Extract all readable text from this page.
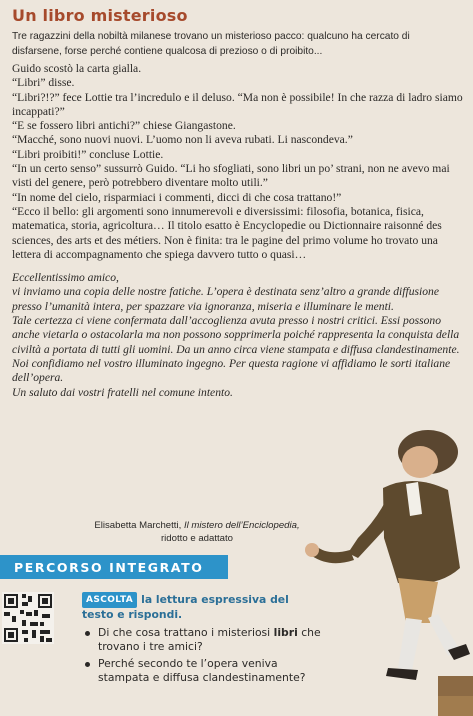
Un libro misterioso
Tre ragazzini della nobiltà milanese trovano un misterioso pacco: qualcuno ha cercato di disfarsene, forse perché contiene qualcosa di prezioso o di proibito...

Guido scostò la carta gialla.

“Libri” disse.

“Libri?!?” fece Lottie tra l’incredulo e il deluso. “Ma non è possibile! In che razza di ladro siamo incappati?”

“E se fossero libri antichi?” chiese Giangastone.

“Macché, sono nuovi nuovi. L’uomo non li aveva rubati. Li nascondeva.”

“Libri proibiti!” concluse Lottie.

“In un certo senso” sussurrò Guido. “Li ho sfogliati, sono libri un po’ strani, non ne avevo mai visti del genere, però potrebbero diventare molto utili.”

“In nome del cielo, risparmiaci i commenti, dicci di che cosa trattano!”

“Ecco il bello: gli argomenti sono innumerevoli e diversissimi: filosofia, botanica, fisica, matematica, storia, agricoltura… Il titolo esatto è Encyclopedie ou Dictionnaire raisonné des sciences, des arts et des métiers. Non è finita: tra le pagine del primo volume ho trovato una lettera di accompagnamento che spiega davvero tutto o quasi…

Eccellentissimo amico,

vi inviamo una copia delle nostre fatiche. L’opera è destinata senz’altro a grande diffusione presso l’umanità intera, per spazzare via ignoranza, miseria e illuminare le menti.

Tale certezza ci viene confermata dall’accoglienza avuta presso i nostri critici. Essi possono anche vietarla o ostacolarla ma non possono sopprimerla poiché rappresenta la conquista della civiltà a portata di tutti gli uomini. Da un anno circa viene stampata e diffusa clandestinamente. Noi confidiamo nel vostro illuminato ingegno. Per questa ragione vi affidiamo le sorti italiane dell’opera.

Un saluto dai vostri fratelli nel comune intento.

Elisabetta Marchetti, Il mistero dell’Enciclopedia,
ridotto e adattato
PERCORSO INTEGRATO
ASCOLTA la lettura espressiva del testo e rispondi.
Di che cosa trattano i misteriosi libri che trovano i tre amici?
Perché secondo te l’opera veniva stampata e diffusa clandestinamente?
